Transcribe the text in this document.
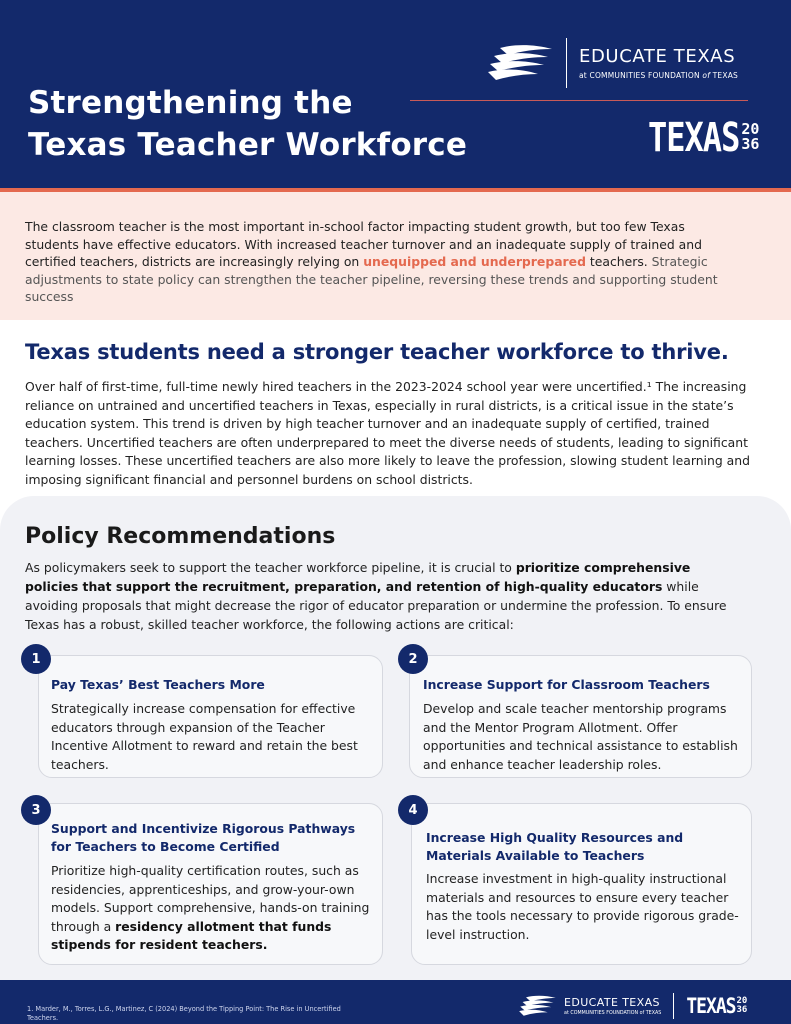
Strengthening the
Texas Teacher Workforce
EDUCATE TEXAS
at COMMUNITIES FOUNDATION of TEXAS
TEXAS 20
36

The classroom teacher is the most important in-school factor impacting student growth, but too few Texas students have effective educators. With increased teacher turnover and an inadequate supply of trained and certified teachers, districts are increasingly relying on unequipped and underprepared teachers. Strategic adjustments to state policy can strengthen the teacher pipeline, reversing these trends and supporting student success

Texas students need a stronger teacher workforce to thrive.

Over half of first-time, full-time newly hired teachers in the 2023-2024 school year were uncertified.¹ The increasing reliance on untrained and uncertified teachers in Texas, especially in rural districts, is a critical issue in the state’s education system. This trend is driven by high teacher turnover and an inadequate supply of certified, trained teachers. Uncertified teachers are often underprepared to meet the diverse needs of students, leading to significant learning losses. These uncertified teachers are also more likely to leave the profession, slowing student learning and imposing significant financial and personnel burdens on school districts.

Policy Recommendations

As policymakers seek to support the teacher workforce pipeline, it is crucial to prioritize comprehensive policies that support the recruitment, preparation, and retention of high-quality educators while avoiding proposals that might decrease the rigor of educator preparation or undermine the profession. To ensure Texas has a robust, skilled teacher workforce, the following actions are critical:

1
Pay Texas’ Best Teachers More
Strategically increase compensation for effective educators through expansion of the Teacher Incentive Allotment to reward and retain the best teachers.
2
Increase Support for Classroom Teachers
Develop and scale teacher mentorship programs and the Mentor Program Allotment. Offer opportunities and technical assistance to establish and enhance teacher leadership roles.
3
Support and Incentivize Rigorous Pathways for Teachers to Become Certified
Prioritize high-quality certification routes, such as residencies, apprenticeships, and grow-your-own models. Support comprehensive, hands-on training through a residency allotment that funds stipends for resident teachers.
4
Increase High Quality Resources and Materials Available to Teachers
Increase investment in high-quality instructional materials and resources to ensure every teacher has the tools necessary to provide rigorous grade-level instruction.
1. Marder, M., Torres, L.G., Martinez, C (2024) Beyond the Tipping Point: The Rise in Uncertified Teachers.
EDUCATE TEXAS
at COMMUNITIES FOUNDATION of TEXAS TEXAS 20
36
